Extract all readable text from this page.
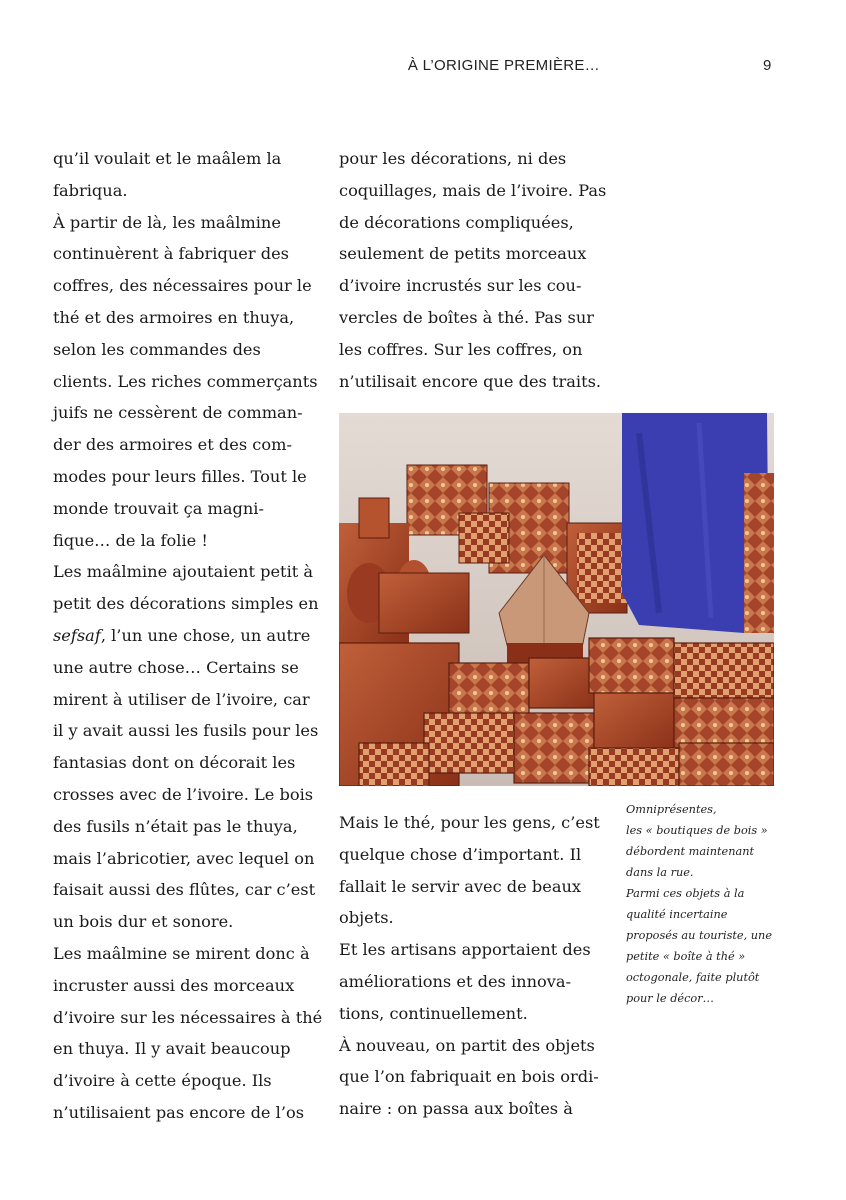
À L’ORIGINE PREMIÈRE…	9
qu’il voulait et le maâlem la
fabriqua.
À partir de là, les maâlmine
continuèrent à fabriquer des
coffres, des nécessaires pour le
thé et des armoires en thuya,
selon les commandes des
clients. Les riches commerçants
juifs ne cessèrent de comman-
der des armoires et des com-
modes pour leurs filles. Tout le
monde trouvait ça magni-
fique… de la folie !
Les maâlmine ajoutaient petit à
petit des décorations simples en
sefsaf, l’un une chose, un autre
une autre chose… Certains se
mirent à utiliser de l’ivoire, car
il y avait aussi les fusils pour les
fantasias dont on décorait les
crosses avec de l’ivoire. Le bois
des fusils n’était pas le thuya,
mais l’abricotier, avec lequel on
faisait aussi des flûtes, car c’est
un bois dur et sonore.
Les maâlmine se mirent donc à
incruster aussi des morceaux
d’ivoire sur les nécessaires à thé
en thuya. Il y avait beaucoup
d’ivoire à cette époque. Ils
n’utilisaient pas encore de l’os
pour les décorations, ni des
coquillages, mais de l’ivoire. Pas
de décorations compliquées,
seulement de petits morceaux
d’ivoire incrustés sur les cou-
vercles de boîtes à thé. Pas sur
les coffres. Sur les coffres, on
n’utilisait encore que des traits.
Mais le thé, pour les gens, c’est
quelque chose d’important. Il
fallait le servir avec de beaux
objets.
Et les artisans apportaient des
améliorations et des innova-
tions, continuellement.
À nouveau, on partit des objets
que l’on fabriquait en bois ordi-
naire : on passa aux boîtes à
Omniprésentes,
les « boutiques de bois »
débordent maintenant
dans la rue.
Parmi ces objets à la
qualité incertaine
proposés au touriste, une
petite « boîte à thé »
octogonale, faite plutôt
pour le décor…
